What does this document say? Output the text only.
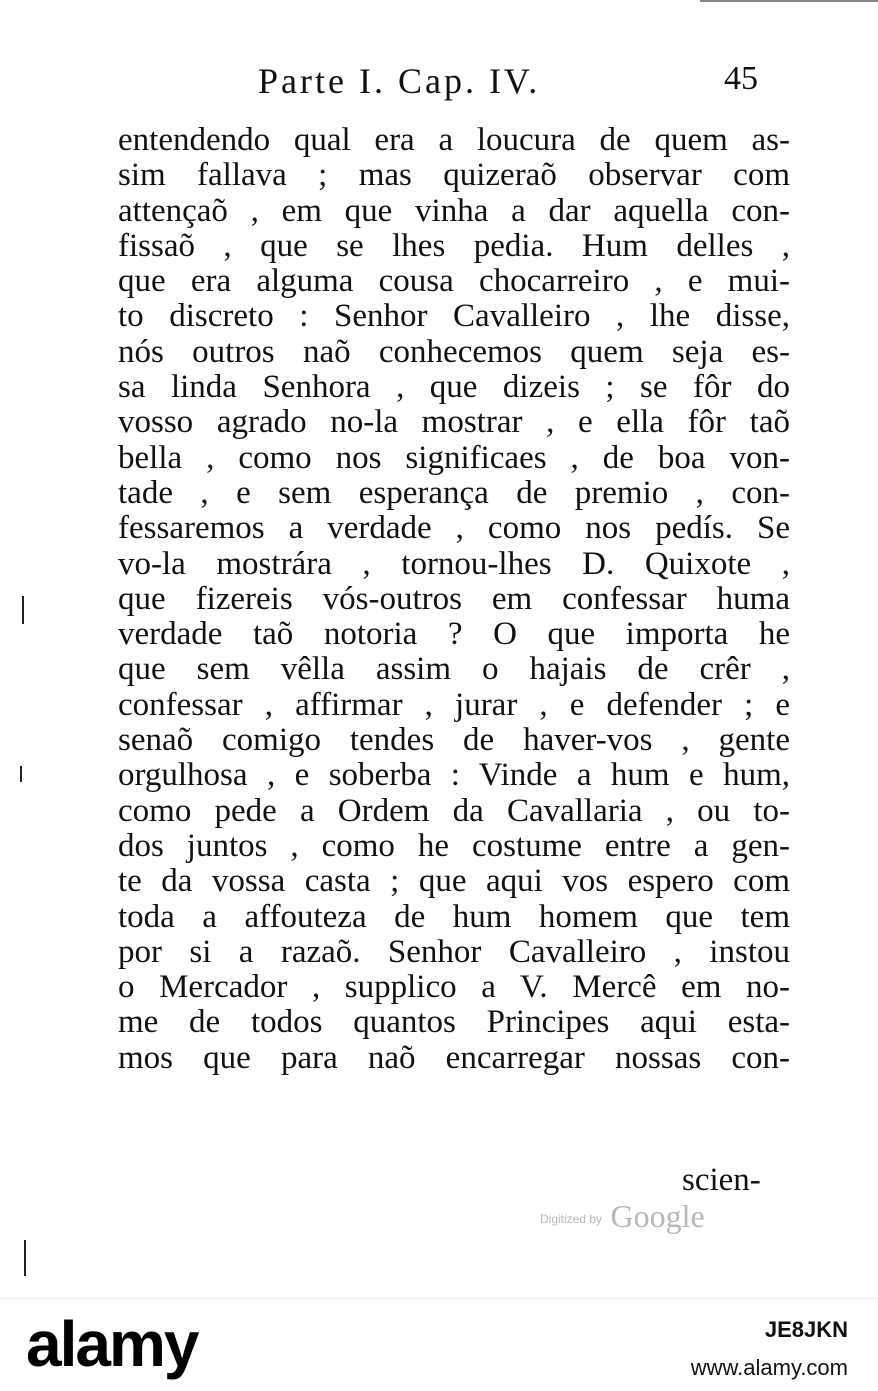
Parte I. Cap. IV.	45
entendendo qual era a loucura de quem as-
sim fallava ; mas quizeraõ observar com
attençaõ , em que vinha a dar aquella con-
fissaõ , que se lhes pedia. Hum delles ,
que era alguma cousa chocarreiro , e mui-
to discreto : Senhor Cavalleiro , lhe disse,
nós outros naõ conhecemos quem seja es-
sa linda Senhora , que dizeis ; se fôr do
vosso agrado no-la mostrar , e ella fôr taõ
bella , como nos significaes , de boa von-
tade , e sem esperança de premio , con-
fessaremos a verdade , como nos pedís. Se
vo-la mostrára , tornou-lhes D. Quixote ,
que fizereis vós-outros em confessar huma
verdade taõ notoria ? O que importa he
que sem vêlla assim o hajais de crêr ,
confessar , affirmar , jurar , e defender ; e
senaõ comigo tendes de haver-vos , gente
orgulhosa , e soberba : Vinde a hum e hum,
como pede a Ordem da Cavallaria , ou to-
dos juntos , como he costume entre a gen-
te da vossa casta ; que aqui vos espero com
toda a affouteza de hum homem que tem
por si a razaõ. Senhor Cavalleiro , instou
o Mercador , supplico a V. Mercê em no-
me de todos quantos Principes aqui esta-
mos que para naõ encarregar nossas con-
scien-
$^{Digitized by}$ Google
alamy	JE8JKN
www.alamy.com
